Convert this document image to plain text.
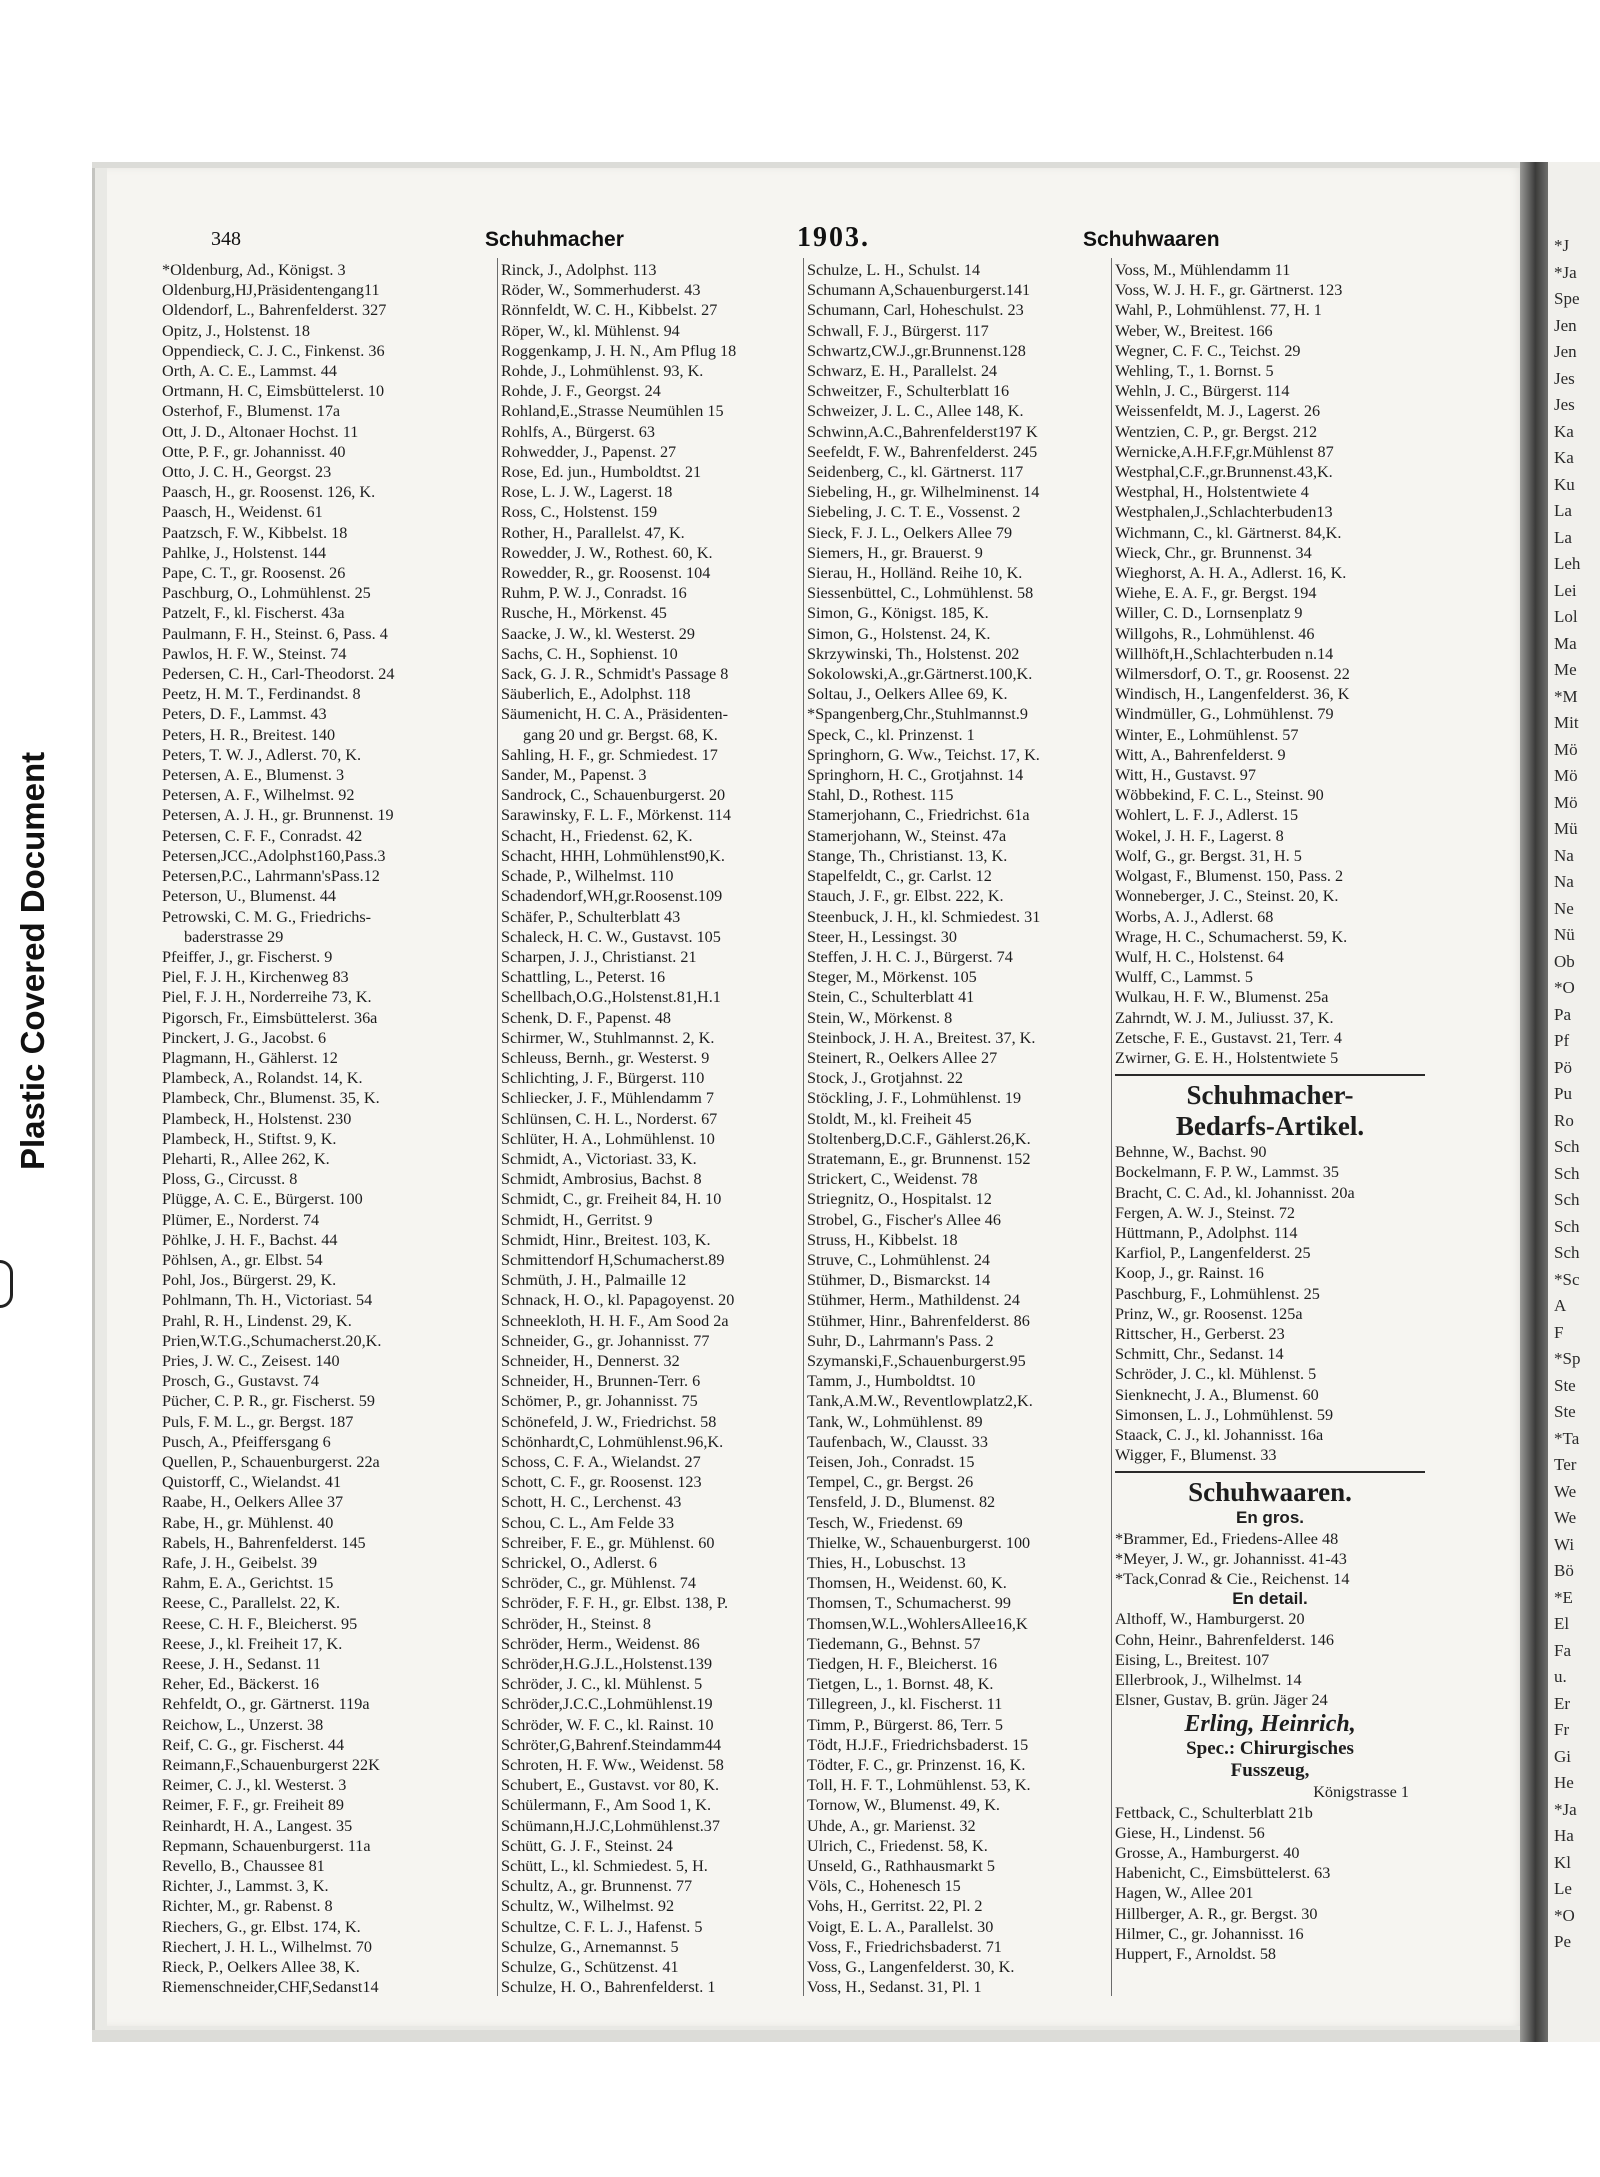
Plastic Covered Document
348	Schuhmacher	1903.	Schuhwaaren
*Oldenburg, Ad., Königst. 3
Oldenburg,HJ,Präsidentengang11
Oldendorf, L., Bahrenfelderst. 327
Opitz, J., Holstenst. 18
Oppendieck, C. J. C., Finkenst. 36
Orth, A. C. E., Lammst. 44
Ortmann, H. C, Eimsbüttelerst. 10
Osterhof, F., Blumenst. 17a
Ott, J. D., Altonaer Hochst. 11
Otte, P. F., gr. Johannisst. 40
Otto, J. C. H., Georgst. 23
Paasch, H., gr. Roosenst. 126, K.
Paasch, H., Weidenst. 61
Paatzsch, F. W., Kibbelst. 18
Pahlke, J., Holstenst. 144
Pape, C. T., gr. Roosenst. 26
Paschburg, O., Lohmühlenst. 25
Patzelt, F., kl. Fischerst. 43a
Paulmann, F. H., Steinst. 6, Pass. 4
Pawlos, H. F. W., Steinst. 74
Pedersen, C. H., Carl-Theodorst. 24
Peetz, H. M. T., Ferdinandst. 8
Peters, D. F., Lammst. 43
Peters, H. R., Breitest. 140
Peters, T. W. J., Adlerst. 70, K.
Petersen, A. E., Blumenst. 3
Petersen, A. F., Wilhelmst. 92
Petersen, A. J. H., gr. Brunnenst. 19
Petersen, C. F. F., Conradst. 42
Petersen,JCC.,Adolphst160,Pass.3
Petersen,P.C., Lahrmann'sPass.12
Peterson, U., Blumenst. 44
Petrowski, C. M. G., Friedrichs-
baderstrasse 29
Pfeiffer, J., gr. Fischerst. 9
Piel, F. J. H., Kirchenweg 83
Piel, F. J. H., Norderreihe 73, K.
Pigorsch, Fr., Eimsbüttelerst. 36a
Pinckert, J. G., Jacobst. 6
Plagmann, H., Gählerst. 12
Plambeck, A., Rolandst. 14, K.
Plambeck, Chr., Blumenst. 35, K.
Plambeck, H., Holstenst. 230
Plambeck, H., Stiftst. 9, K.
Pleharti, R., Allee 262, K.
Ploss, G., Circusst. 8
Plügge, A. C. E., Bürgerst. 100
Plümer, E., Norderst. 74
Pöhlke, J. H. F., Bachst. 44
Pöhlsen, A., gr. Elbst. 54
Pohl, Jos., Bürgerst. 29, K.
Pohlmann, Th. H., Victoriast. 54
Prahl, R. H., Lindenst. 29, K.
Prien,W.T.G.,Schumacherst.20,K.
Pries, J. W. C., Zeisest. 140
Prosch, G., Gustavst. 74
Pücher, C. P. R., gr. Fischerst. 59
Puls, F. M. L., gr. Bergst. 187
Pusch, A., Pfeiffersgang 6
Quellen, P., Schauenburgerst. 22a
Quistorff, C., Wielandst. 41
Raabe, H., Oelkers Allee 37
Rabe, H., gr. Mühlenst. 40
Rabels, H., Bahrenfelderst. 145
Rafe, J. H., Geibelst. 39
Rahm, E. A., Gerichtst. 15
Reese, C., Parallelst. 22, K.
Reese, C. H. F., Bleicherst. 95
Reese, J., kl. Freiheit 17, K.
Reese, J. H., Sedanst. 11
Reher, Ed., Bäckerst. 16
Rehfeldt, O., gr. Gärtnerst. 119a
Reichow, L., Unzerst. 38
Reif, C. G., gr. Fischerst. 44
Reimann,F.,Schauenburgerst 22K
Reimer, C. J., kl. Westerst. 3
Reimer, F. F., gr. Freiheit 89
Reinhardt, H. A., Langest. 35
Repmann, Schauenburgerst. 11a
Revello, B., Chaussee 81
Richter, J., Lammst. 3, K.
Richter, M., gr. Rabenst. 8
Riechers, G., gr. Elbst. 174, K.
Riechert, J. H. L., Wilhelmst. 70
Rieck, P., Oelkers Allee 38, K.
Riemenschneider,CHF,Sedanst14
Rinck, J., Adolphst. 113
Röder, W., Sommerhuderst. 43
Rönnfeldt, W. C. H., Kibbelst. 27
Röper, W., kl. Mühlenst. 94
Roggenkamp, J. H. N., Am Pflug 18
Rohde, J., Lohmühlenst. 93, K.
Rohde, J. F., Georgst. 24
Rohland,E.,Strasse Neumühlen 15
Rohlfs, A., Bürgerst. 63
Rohwedder, J., Papenst. 27
Rose, Ed. jun., Humboldtst. 21
Rose, L. J. W., Lagerst. 18
Ross, C., Holstenst. 159
Rother, H., Parallelst. 47, K.
Rowedder, J. W., Rothest. 60, K.
Rowedder, R., gr. Roosenst. 104
Ruhm, P. W. J., Conradst. 16
Rusche, H., Mörkenst. 45
Saacke, J. W., kl. Westerst. 29
Sachs, C. H., Sophienst. 10
Sack, G. J. R., Schmidt's Passage 8
Säuberlich, E., Adolphst. 118
Säumenicht, H. C. A., Präsidenten-
gang 20 und gr. Bergst. 68, K.
Sahling, H. F., gr. Schmiedest. 17
Sander, M., Papenst. 3
Sandrock, C., Schauenburgerst. 20
Sarawinsky, F. L. F., Mörkenst. 114
Schacht, H., Friedenst. 62, K.
Schacht, HHH, Lohmühlenst90,K.
Schade, P., Wilhelmst. 110
Schadendorf,WH,gr.Roosenst.109
Schäfer, P., Schulterblatt 43
Schaleck, H. C. W., Gustavst. 105
Scharpen, J. J., Christianst. 21
Schattling, L., Peterst. 16
Schellbach,O.G.,Holstenst.81,H.1
Schenk, D. F., Papenst. 48
Schirmer, W., Stuhlmannst. 2, K.
Schleuss, Bernh., gr. Westerst. 9
Schlichting, J. F., Bürgerst. 110
Schliecker, J. F., Mühlendamm 7
Schlünsen, C. H. L., Norderst. 67
Schlüter, H. A., Lohmühlenst. 10
Schmidt, A., Victoriast. 33, K.
Schmidt, Ambrosius, Bachst. 8
Schmidt, C., gr. Freiheit 84, H. 10
Schmidt, H., Gerritst. 9
Schmidt, Hinr., Breitest. 103, K.
Schmittendorf H,Schumacherst.89
Schmüth, J. H., Palmaille 12
Schnack, H. O., kl. Papagoyenst. 20
Schneekloth, H. H. F., Am Sood 2a
Schneider, G., gr. Johannisst. 77
Schneider, H., Dennerst. 32
Schneider, H., Brunnen-Terr. 6
Schömer, P., gr. Johannisst. 75
Schönefeld, J. W., Friedrichst. 58
Schönhardt,C, Lohmühlenst.96,K.
Schoss, C. F. A., Wielandst. 27
Schott, C. F., gr. Roosenst. 123
Schott, H. C., Lerchenst. 43
Schou, C. L., Am Felde 33
Schreiber, F. E., gr. Mühlenst. 60
Schrickel, O., Adlerst. 6
Schröder, C., gr. Mühlenst. 74
Schröder, F. F. H., gr. Elbst. 138, P.
Schröder, H., Steinst. 8
Schröder, Herm., Weidenst. 86
Schröder,H.G.J.L.,Holstenst.139
Schröder, J. C., kl. Mühlenst. 5
Schröder,J.C.C.,Lohmühlenst.19
Schröder, W. F. C., kl. Rainst. 10
Schröter,G,Bahrenf.Steindamm44
Schroten, H. F. Ww., Weidenst. 58
Schubert, E., Gustavst. vor 80, K.
Schülermann, F., Am Sood 1, K.
Schümann,H.J.C,Lohmühlenst.37
Schütt, G. J. F., Steinst. 24
Schütt, L., kl. Schmiedest. 5, H.
Schultz, A., gr. Brunnenst. 77
Schultz, W., Wilhelmst. 92
Schultze, C. F. L. J., Hafenst. 5
Schulze, G., Arnemannst. 5
Schulze, G., Schützenst. 41
Schulze, H. O., Bahrenfelderst. 1
Schulze, L. H., Schulst. 14
Schumann A,Schauenburgerst.141
Schumann, Carl, Hoheschulst. 23
Schwall, F. J., Bürgerst. 117
Schwartz,CW.J.,gr.Brunnenst.128
Schwarz, E. H., Parallelst. 24
Schweitzer, F., Schulterblatt 16
Schweizer, J. L. C., Allee 148, K.
Schwinn,A.C.,Bahrenfelderst197 K
Seefeldt, F. W., Bahrenfelderst. 245
Seidenberg, C., kl. Gärtnerst. 117
Siebeling, H., gr. Wilhelminenst. 14
Siebeling, J. C. T. E., Vossenst. 2
Sieck, F. J. L., Oelkers Allee 79
Siemers, H., gr. Brauerst. 9
Sierau, H., Holländ. Reihe 10, K.
Siessenbüttel, C., Lohmühlenst. 58
Simon, G., Königst. 185, K.
Simon, G., Holstenst. 24, K.
Skrzywinski, Th., Holstenst. 202
Sokolowski,A.,gr.Gärtnerst.100,K.
Soltau, J., Oelkers Allee 69, K.
*Spangenberg,Chr.,Stuhlmannst.9
Speck, C., kl. Prinzenst. 1
Springhorn, G. Ww., Teichst. 17, K.
Springhorn, H. C., Grotjahnst. 14
Stahl, D., Rothest. 115
Stamerjohann, C., Friedrichst. 61a
Stamerjohann, W., Steinst. 47a
Stange, Th., Christianst. 13, K.
Stapelfeldt, C., gr. Carlst. 12
Stauch, J. F., gr. Elbst. 222, K.
Steenbuck, J. H., kl. Schmiedest. 31
Steer, H., Lessingst. 30
Steffen, J. H. C. J., Bürgerst. 74
Steger, M., Mörkenst. 105
Stein, C., Schulterblatt 41
Stein, W., Mörkenst. 8
Steinbock, J. H. A., Breitest. 37, K.
Steinert, R., Oelkers Allee 27
Stock, J., Grotjahnst. 22
Stöckling, J. F., Lohmühlenst. 19
Stoldt, M., kl. Freiheit 45
Stoltenberg,D.C.F., Gählerst.26,K.
Stratemann, E., gr. Brunnenst. 152
Strickert, C., Weidenst. 78
Striegnitz, O., Hospitalst. 12
Strobel, G., Fischer's Allee 46
Struss, H., Kibbelst. 18
Struve, C., Lohmühlenst. 24
Stühmer, D., Bismarckst. 14
Stühmer, Herm., Mathildenst. 24
Stühmer, Hinr., Bahrenfelderst. 86
Suhr, D., Lahrmann's Pass. 2
Szymanski,F.,Schauenburgerst.95
Tamm, J., Humboldtst. 10
Tank,A.M.W., Reventlowplatz2,K.
Tank, W., Lohmühlenst. 89
Taufenbach, W., Clausst. 33
Teisen, Joh., Conradst. 15
Tempel, C., gr. Bergst. 26
Tensfeld, J. D., Blumenst. 82
Tesch, W., Friedenst. 69
Thielke, W., Schauenburgerst. 100
Thies, H., Lobuschst. 13
Thomsen, H., Weidenst. 60, K.
Thomsen, T., Schumacherst. 99
Thomsen,W.L.,WohlersAllee16,K
Tiedemann, G., Behnst. 57
Tiedgen, H. F., Bleicherst. 16
Tietgen, L., 1. Bornst. 48, K.
Tillegreen, J., kl. Fischerst. 11
Timm, P., Bürgerst. 86, Terr. 5
Tödt, H.J.F., Friedrichsbaderst. 15
Tödter, F. C., gr. Prinzenst. 16, K.
Toll, H. F. T., Lohmühlenst. 53, K.
Tornow, W., Blumenst. 49, K.
Uhde, A., gr. Marienst. 32
Ulrich, C., Friedenst. 58, K.
Unseld, G., Rathhausmarkt 5
Völs, C., Hohenesch 15
Vohs, H., Gerritst. 22, Pl. 2
Voigt, E. L. A., Parallelst. 30
Voss, F., Friedrichsbaderst. 71
Voss, G., Langenfelderst. 30, K.
Voss, H., Sedanst. 31, Pl. 1
Voss, M., Mühlendamm 11
Voss, W. J. H. F., gr. Gärtnerst. 123
Wahl, P., Lohmühlenst. 77, H. 1
Weber, W., Breitest. 166
Wegner, C. F. C., Teichst. 29
Wehling, T., 1. Bornst. 5
Wehln, J. C., Bürgerst. 114
Weissenfeldt, M. J., Lagerst. 26
Wentzien, C. P., gr. Bergst. 212
Wernicke,A.H.F.F,gr.Mühlenst 87
Westphal,C.F.,gr.Brunnenst.43,K.
Westphal, H., Holstentwiete 4
Westphalen,J.,Schlachterbuden13
Wichmann, C., kl. Gärtnerst. 84,K.
Wieck, Chr., gr. Brunnenst. 34
Wieghorst, A. H. A., Adlerst. 16, K.
Wiehe, E. A. F., gr. Bergst. 194
Willer, C. D., Lornsenplatz 9
Willgohs, R., Lohmühlenst. 46
Willhöft,H.,Schlachterbuden n.14
Wilmersdorf, O. T., gr. Roosenst. 22
Windisch, H., Langenfelderst. 36, K
Windmüller, G., Lohmühlenst. 79
Winter, E., Lohmühlenst. 57
Witt, A., Bahrenfelderst. 9
Witt, H., Gustavst. 97
Wöbbekind, F. C. L., Steinst. 90
Wohlert, L. F. J., Adlerst. 15
Wokel, J. H. F., Lagerst. 8
Wolf, G., gr. Bergst. 31, H. 5
Wolgast, F., Blumenst. 150, Pass. 2
Wonneberger, J. C., Steinst. 20, K.
Worbs, A. J., Adlerst. 68
Wrage, H. C., Schumacherst. 59, K.
Wulf, H. C., Holstenst. 64
Wulff, C., Lammst. 5
Wulkau, H. F. W., Blumenst. 25a
Zahrndt, W. J. M., Juliusst. 37, K.
Zetsche, F. E., Gustavst. 21, Terr. 4
Zwirner, G. E. H., Holstentwiete 5
Schuhmacher-
Bedarfs-Artikel.
Behnne, W., Bachst. 90
Bockelmann, F. P. W., Lammst. 35
Bracht, C. C. Ad., kl. Johannisst. 20a
Fergen, A. W. J., Steinst. 72
Hüttmann, P., Adolphst. 114
Karfiol, P., Langenfelderst. 25
Koop, J., gr. Rainst. 16
Paschburg, F., Lohmühlenst. 25
Prinz, W., gr. Roosenst. 125a
Rittscher, H., Gerberst. 23
Schmitt, Chr., Sedanst. 14
Schröder, J. C., kl. Mühlenst. 5
Sienknecht, J. A., Blumenst. 60
Simonsen, L. J., Lohmühlenst. 59
Staack, C. J., kl. Johannisst. 16a
Wigger, F., Blumenst. 33
Schuhwaaren.
En gros.
*Brammer, Ed., Friedens-Allee 48
*Meyer, J. W., gr. Johannisst. 41-43
*Tack,Conrad & Cie., Reichenst. 14
En detail.
Althoff, W., Hamburgerst. 20
Cohn, Heinr., Bahrenfelderst. 146
Eising, L., Breitest. 107
Ellerbrook, J., Wilhelmst. 14
Elsner, Gustav, B. grün. Jäger 24
Erling, Heinrich,
Spec.: Chirurgisches
Fusszeug,
Königstrasse 1
Fettback, C., Schulterblatt 21b
Giese, H., Lindenst. 56
Grosse, A., Hamburgerst. 40
Habenicht, C., Eimsbüttelerst. 63
Hagen, W., Allee 201
Hillberger, A. R., gr. Bergst. 30
Hilmer, C., gr. Johannisst. 16
Huppert, F., Arnoldst. 58
*J
*Ja
Spe
Jen
Jen
Jes
Jes
Ka
Ka
Ku
La
La
Leh
Lei
Lol
Ma
Me
*M
Mit
Mö
Mö
Mö
Mü
Na
Na
Ne
Nü
Ob
*O
Pa
Pf
Pö
Pu
Ro
Sch
Sch
Sch
Sch
Sch
*Sc
A
F
*Sp
Ste
Ste
*Ta
Ter
We
We
Wi
Bö
*E
El
Fa
u.
Er
Fr
Gi
He
*Ja
Ha
Kl
Le
*O
Pe
